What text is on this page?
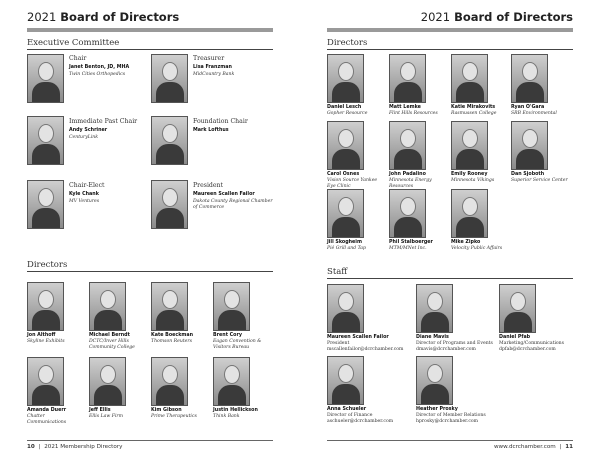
2021 Board of Directors
Executive Committee
Chair
Janet Benton, JD, MHA
Twin Cities Orthopedics
Treasurer
Lisa Franzman
MidCountry Bank
Immediate Past Chair
Andy Schriner
CenturyLink
Foundation Chair
Mark Lofthus
Chair-Elect
Kyle Chank
MV Ventures
President
Maureen Scallen Failor
Dakota County Regional Chamber of Commerce
Directors
Jon Althoff
Skyline Exhibits
Michael Berndt
DCTC/Inver Hills Community College
Kate Boeckman
Thomson Reuters
Brent Cory
Eagan Convention & Visitors Bureau
Amanda Duerr
Chatter Communications
Jeff Ellis
Ellis Law Firm
Kim Gibson
Prime Therapeutics
Justin Hellickson
Think Bank
10 | 2021 Membership Directory
2021 Board of Directors
Directors
Daniel Lesch
Gopher Resource
Matt Lemke
Flint Hills Resources
Katie Mirakovits
Rasmussen College
Ryan O'Gara
SRB Environmental
Carol Osnes
Vision Source Yankee Eye Clinic
John Padalino
Minnesota Energy Resources
Emily Rooney
Minnesota Vikings
Dan Sjoboth
Superior Service Center
Jill Skogheim
Pié Grill and Tap
Phil Stalboerger
MTM/MNet Inc.
Mike Zipko
Velocity Public Affairs
Staff
Maureen Scallen Failor
President
mscallenfailor@dcrchamber.com
Diane Mavis
Director of Programs and Events
dmavis@dcrchamber.com
Daniel Pfab
Marketing/Communications
dpfab@dcrchamber.com
Anna Schueler
Director of Finance
aschueler@dcrchamber.com
Heather Prosky
Director of Member Relations
hprosky@dcrchamber.com
www.dcrchamber.com | 11
